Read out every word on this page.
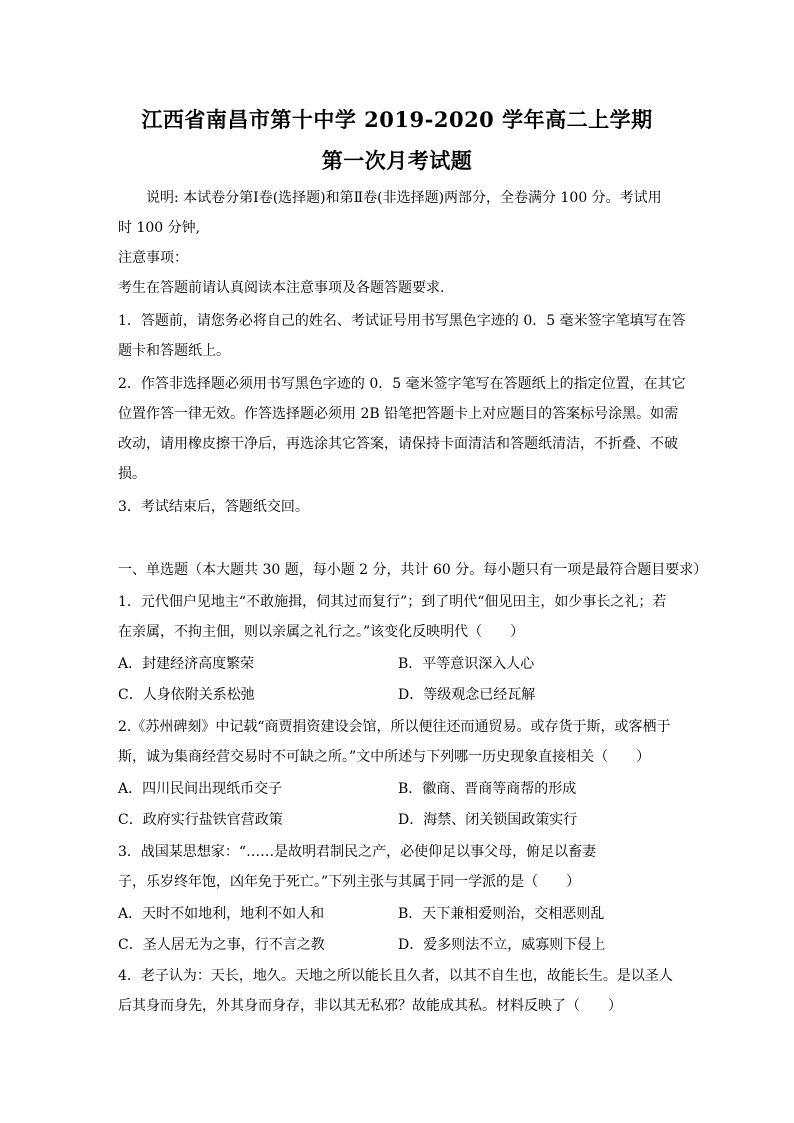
江西省南昌市第十中学 2019-2020 学年高二上学期
第一次月考试题
说明: 本试卷分第Ⅰ卷(选择题)和第Ⅱ卷(非选择题)两部分，全卷满分 100 分。考试用
时 100 分钟,
注意事项：
考生在答题前请认真阅读本注意事项及各题答题要求.
1．答题前，请您务必将自己的姓名、考试证号用书写黑色字迹的 0．5 毫米签字笔填写在答
题卡和答题纸上。
2．作答非选择题必须用书写黑色字迹的 0．5 毫米签字笔写在答题纸上的指定位置，在其它
位置作答一律无效。作答选择题必须用 2B 铅笔把答题卡上对应题目的答案标号涂黑。如需
改动，请用橡皮擦干净后，再选涂其它答案，请保持卡面清洁和答题纸清洁，不折叠、不破
损。
3．考试结束后，答题纸交回。
一、单选题（本大题共 30 题，每小题 2 分，共计 60 分。每小题只有一项是最符合题目要求）
1．元代佃户见地主“不敢施揖，伺其过而复行”；到了明代“佃见田主，如少事长之礼；若
在亲属，不拘主佃，则以亲属之礼行之。”该变化反映明代（　　）
A．封建经济高度繁荣	B．平等意识深入人心
C．人身依附关系松弛	D．等级观念已经瓦解
2.《苏州碑刻》中记载“商贾捐资建设会馆，所以便往还而通贸易。或存货于斯，或客栖于
斯，诚为集商经营交易时不可缺之所。”文中所述与下列哪一历史现象直接相关（　　）
A．四川民间出现纸币交子	B．徽商、晋商等商帮的形成
C．政府实行盐铁官营政策	D．海禁、闭关锁国政策实行
3．战国某思想家：“……是故明君制民之产，必使仰足以事父母，俯足以畜妻
子，乐岁终年饱，凶年免于死亡。”下列主张与其属于同一学派的是（　　）
A．天时不如地利，地利不如人和	B．天下兼相爱则治，交相恶则乱
C．圣人居无为之事，行不言之教	D．爱多则法不立，威寡则下侵上
4．老子认为：天长，地久。天地之所以能长且久者，以其不自生也，故能长生。是以圣人
后其身而身先，外其身而身存，非以其无私邪？故能成其私。材料反映了（　　）
